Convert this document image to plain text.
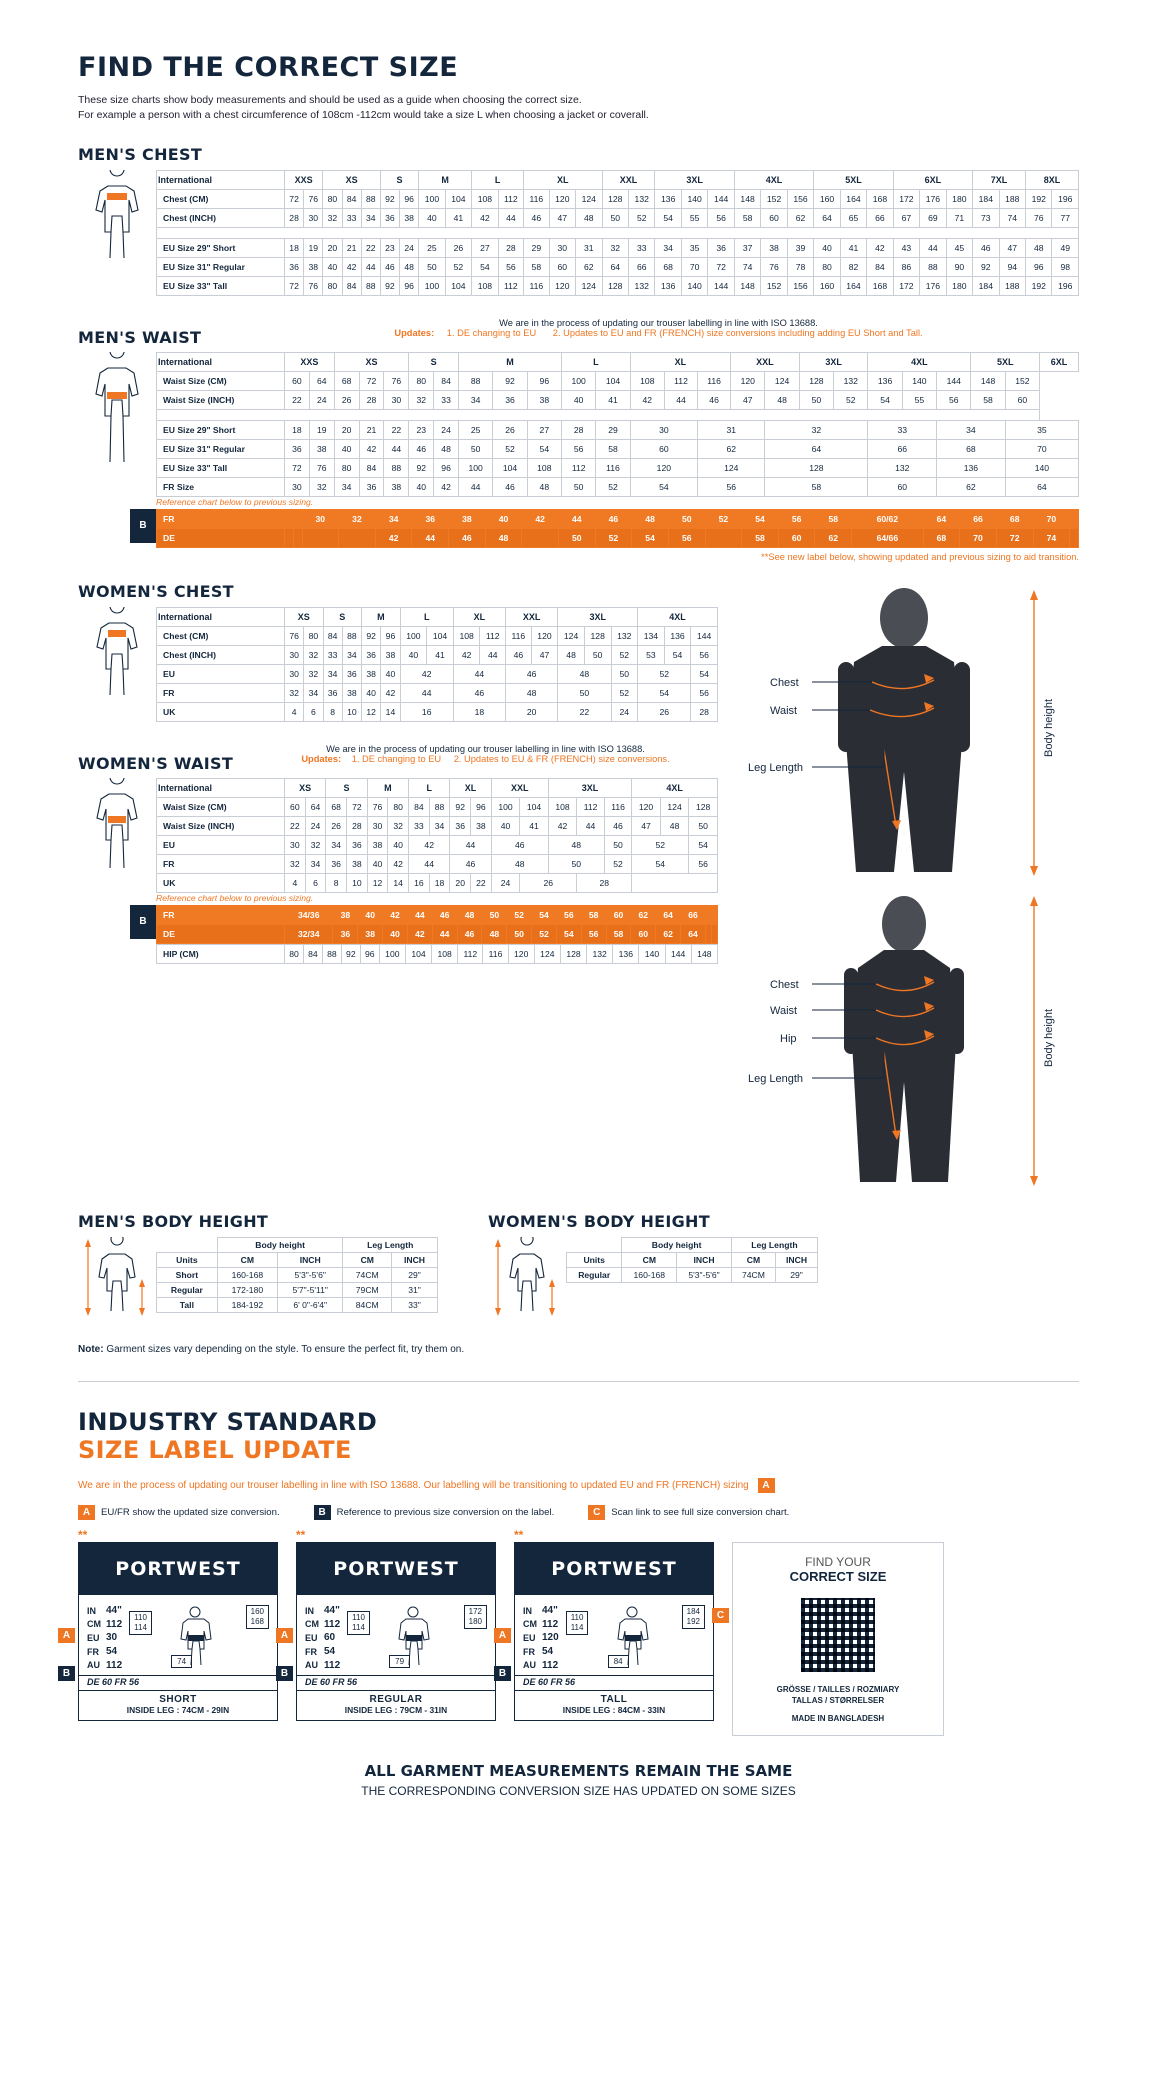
FIND THE CORRECT SIZE
These size charts show body measurements and should be used as a guide when choosing the correct size.
For example a person with a chest circumference of 108cm -112cm would take a size L when choosing a jacket or coverall.
MEN'S CHEST
International	XXS		XS			S		M		L		XL			XXL		3XL			4XL			5XL			6XL			7XL		8XL	
Chest (CM)	72	76	80	84	88	92	96	100	104	108	112	116	120	124	128	132	136	140	144	148	152	156	160	164	168	172	176	180	184	188	192	196
Chest (INCH)	28	30	32	33	34	36	38	40	41	42	44	46	47	48	50	52	54	55	56	58	60	62	64	65	66	67	69	71	73	74	76	77

EU Size 29" Short	18	19	20	21	22	23	24	25	26	27	28	29	30	31	32	33	34	35	36	37	38	39	40	41	42	43	44	45	46	47	48	49
EU Size 31" Regular	36	38	40	42	44	46	48	50	52	54	56	58	60	62	64	66	68	70	72	74	76	78	80	82	84	86	88	90	92	94	96	98
EU Size 33" Tall	72	76	80	84	88	92	96	100	104	108	112	116	120	124	128	132	136	140	144	148	152	156	160	164	168	172	176	180	184	188	192	196
MEN'S WAIST
We are in the process of updating our trouser labelling in line with ISO 13688.
Updates: 1. DE changing to EU 2. Updates to EU and FR (FRENCH) size conversions including adding EU Short and Tall.
International	XXS		XS			S		M			L		XL			XXL		3XL		4XL			5XL		6XL
Waist Size (CM)	60	64	68	72	76	80	84	88	92	96	100	104	108	112	116	120	124	128	132	136	140	144	148	152	
Waist Size (INCH)	22	24	26	28	30	32	33	34	36	38	40	41	42	44	46	47	48	50	52	54	55	56	58	60	

EU Size 29" Short	18	19	20	21	22	23	24	25	26	27	28	29	30		31		32			33		34		35	
EU Size 31" Regular	36	38	40	42	44	46	48	50	52	54	56	58	60		62		64			66		68		70	
EU Size 33" Tall	72	76	80	84	88	92	96	100	104	108	112	116	120		124		128			132		136		140	
FR Size	30	32	34	36	38	40	42	44	46	48	50	52	54		56		58			60		62		64	
Reference chart below to previous sizing.
B
FR			30	32	34	36	38	40	42	44	46	48	50	52	54	56	58	60/62	64	66	68	70	
DE					42	44	46	48		50	52	54	56		58	60	62	64/66	68	70	72	74	
**See new label below, showing updated and previous sizing to aid transition.
WOMEN'S CHEST
International	XS		S		M		L		XL		XXL		3XL			4XL		
Chest (CM)	76	80	84	88	92	96	100	104	108	112	116	120	124	128	132	134	136	144
Chest (INCH)	30	32	33	34	36	38	40	41	42	44	46	47	48	50	52	53	54	56
EU	30	32	34	36	38	40	42		44		46		48		50	52		54
FR	32	34	36	38	40	42	44		46		48		50		52	54		56
UK	4	6	8	10	12	14	16		18		20		22		24	26		28
WOMEN'S WAIST
We are in the process of updating our trouser labelling in line with ISO 13688.
Updates: 1. DE changing to EU 2. Updates to EU & FR (FRENCH) size conversions.
International	XS		S		M		L		XL		XXL		3XL			4XL		
Waist Size (CM)	60	64	68	72	76	80	84	88	92	96	100	104	108	112	116	120	124	128
Waist Size (INCH)	22	24	26	28	30	32	33	34	36	38	40	41	42	44	46	47	48	50
EU	30	32	34	36	38	40	42		44		46		48		50	52		54
FR	32	34	36	38	40	42	44		46		48		50		52	54		56
UK	4	6	8	10	12	14	16	18	20	22	24	26		28				
Reference chart below to previous sizing.
B
FR	34/36	38	40	42	44	46	48	50	52	54	56	58	60	62	64	66		
DE	32/34	36	38	40	42	44	46	48	50	52	54	56	58	60	62	64		
HIP (CM)	80	84	88	92	96	100	104	108	112	116	120	124	128	132	136	140	144	148
Chest
Waist
Leg Length
Body height
Chest
Waist
Hip
Leg Length
Body height
MEN'S BODY HEIGHT
	Body height		Leg Length	
Units	CM	INCH	CM	INCH
Short	160-168	5'3"-5'6"	74CM	29"
Regular	172-180	5'7"-5'11"	79CM	31"
Tall	184-192	6' 0"-6'4"	84CM	33"
WOMEN'S BODY HEIGHT
	Body height		Leg Length	
Units	CM	INCH	CM	INCH
Regular	160-168	5'3"-5'6"	74CM	29"
Note: Garment sizes vary depending on the style. To ensure the perfect fit, try them on.
INDUSTRY STANDARD
SIZE LABEL UPDATE
We are in the process of updating our trouser labelling in line with ISO 13688. Our labelling will be transitioning to updated EU and FR (FRENCH) sizing A
A	EU/FR show the updated size conversion.	B	Reference to previous size conversion on the label.	C	Scan link to see full size conversion chart.
**
A
B
PORTWEST
IN	44"
CM	112
EU	30
FR	54
AU	112
110
114
160
168
74
DE 60 FR 56
SHORT
INSIDE LEG : 74CM - 29IN
**
A
B
PORTWEST
IN	44"
CM	112
EU	60
FR	54
AU	112
110
114
172
180
79
DE 60 FR 56
REGULAR
INSIDE LEG : 79CM - 31IN
**
A
B
PORTWEST
IN	44"
CM	112
EU	120
FR	54
AU	112
110
114
184
192
84
DE 60 FR 56
TALL
INSIDE LEG : 84CM - 33IN
C
FIND YOUR
CORRECT SIZE
GRÖSSE / TAILLES / ROZMIARY
TALLAS / STØRRELSER
MADE IN BANGLADESH
ALL GARMENT MEASUREMENTS REMAIN THE SAME
THE CORRESPONDING CONVERSION SIZE HAS UPDATED ON SOME SIZES
